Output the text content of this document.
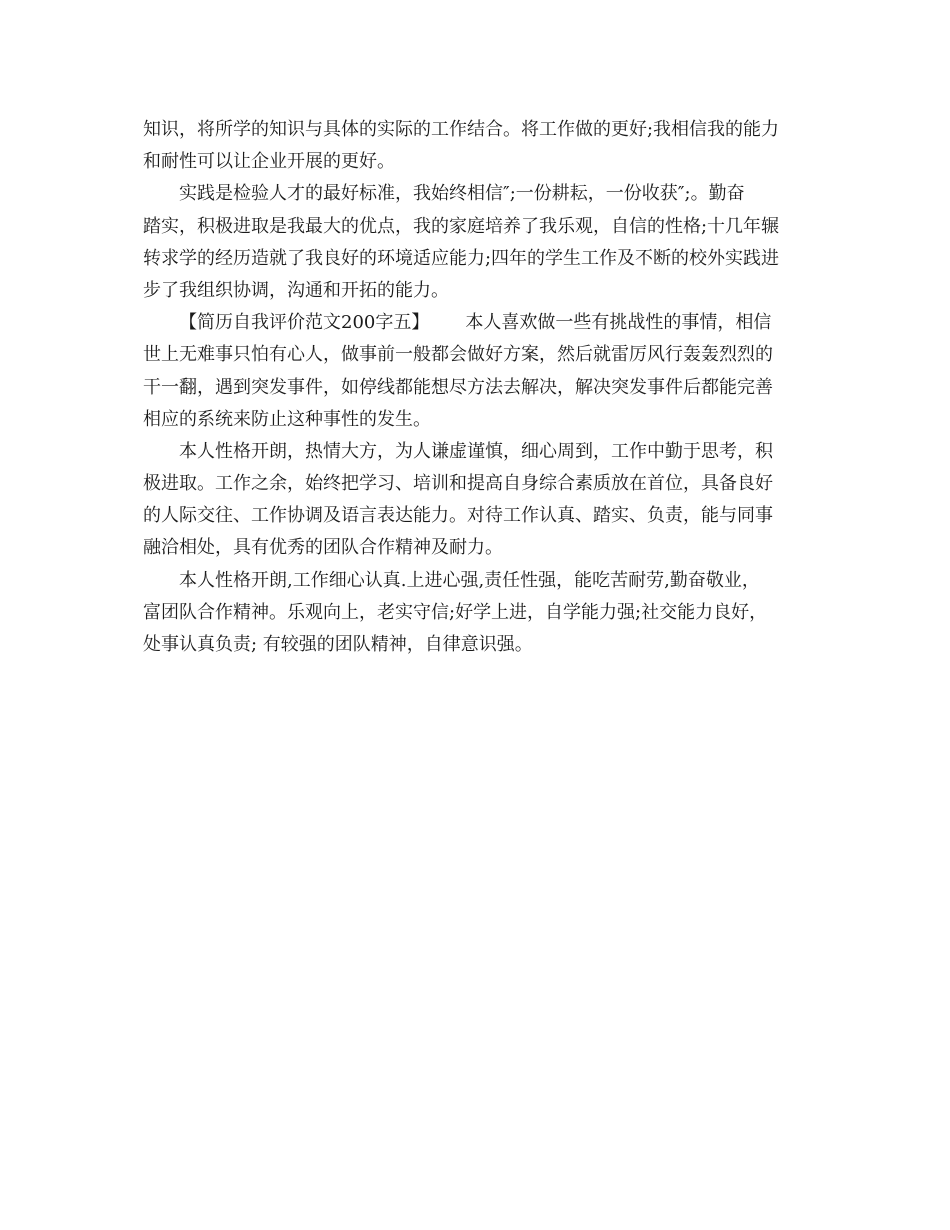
知识，将所学的知识与具体的实际的工作结合。将工作做的更好;我相信我的能力
和耐性可以让企业开展的更好。
实践是检验人才的最好标准，我始终相信″;一份耕耘，一份收获″;。勤奋
踏实，积极进取是我最大的优点，我的家庭培养了我乐观，自信的性格;十几年辗
转求学的经历造就了我良好的环境适应能力;四年的学生工作及不断的校外实践进
步了我组织协调，沟通和开拓的能力。
【简历自我评价范文200字五】 本人喜欢做一些有挑战性的事情，相信
世上无难事只怕有心人，做事前一般都会做好方案，然后就雷厉风行轰轰烈烈的
干一翻，遇到突发事件，如停线都能想尽方法去解决，解决突发事件后都能完善
相应的系统来防止这种事性的发生。
本人性格开朗，热情大方，为人谦虚谨慎，细心周到，工作中勤于思考，积
极进取。工作之余，始终把学习、培训和提高自身综合素质放在首位，具备良好
的人际交往、工作协调及语言表达能力。对待工作认真、踏实、负责，能与同事
融洽相处，具有优秀的团队合作精神及耐力。
本人性格开朗,工作细心认真.上进心强,责任性强，能吃苦耐劳,勤奋敬业，
富团队合作精神。乐观向上，老实守信;好学上进，自学能力强;社交能力良好，
处事认真负责; 有较强的团队精神，自律意识强。
